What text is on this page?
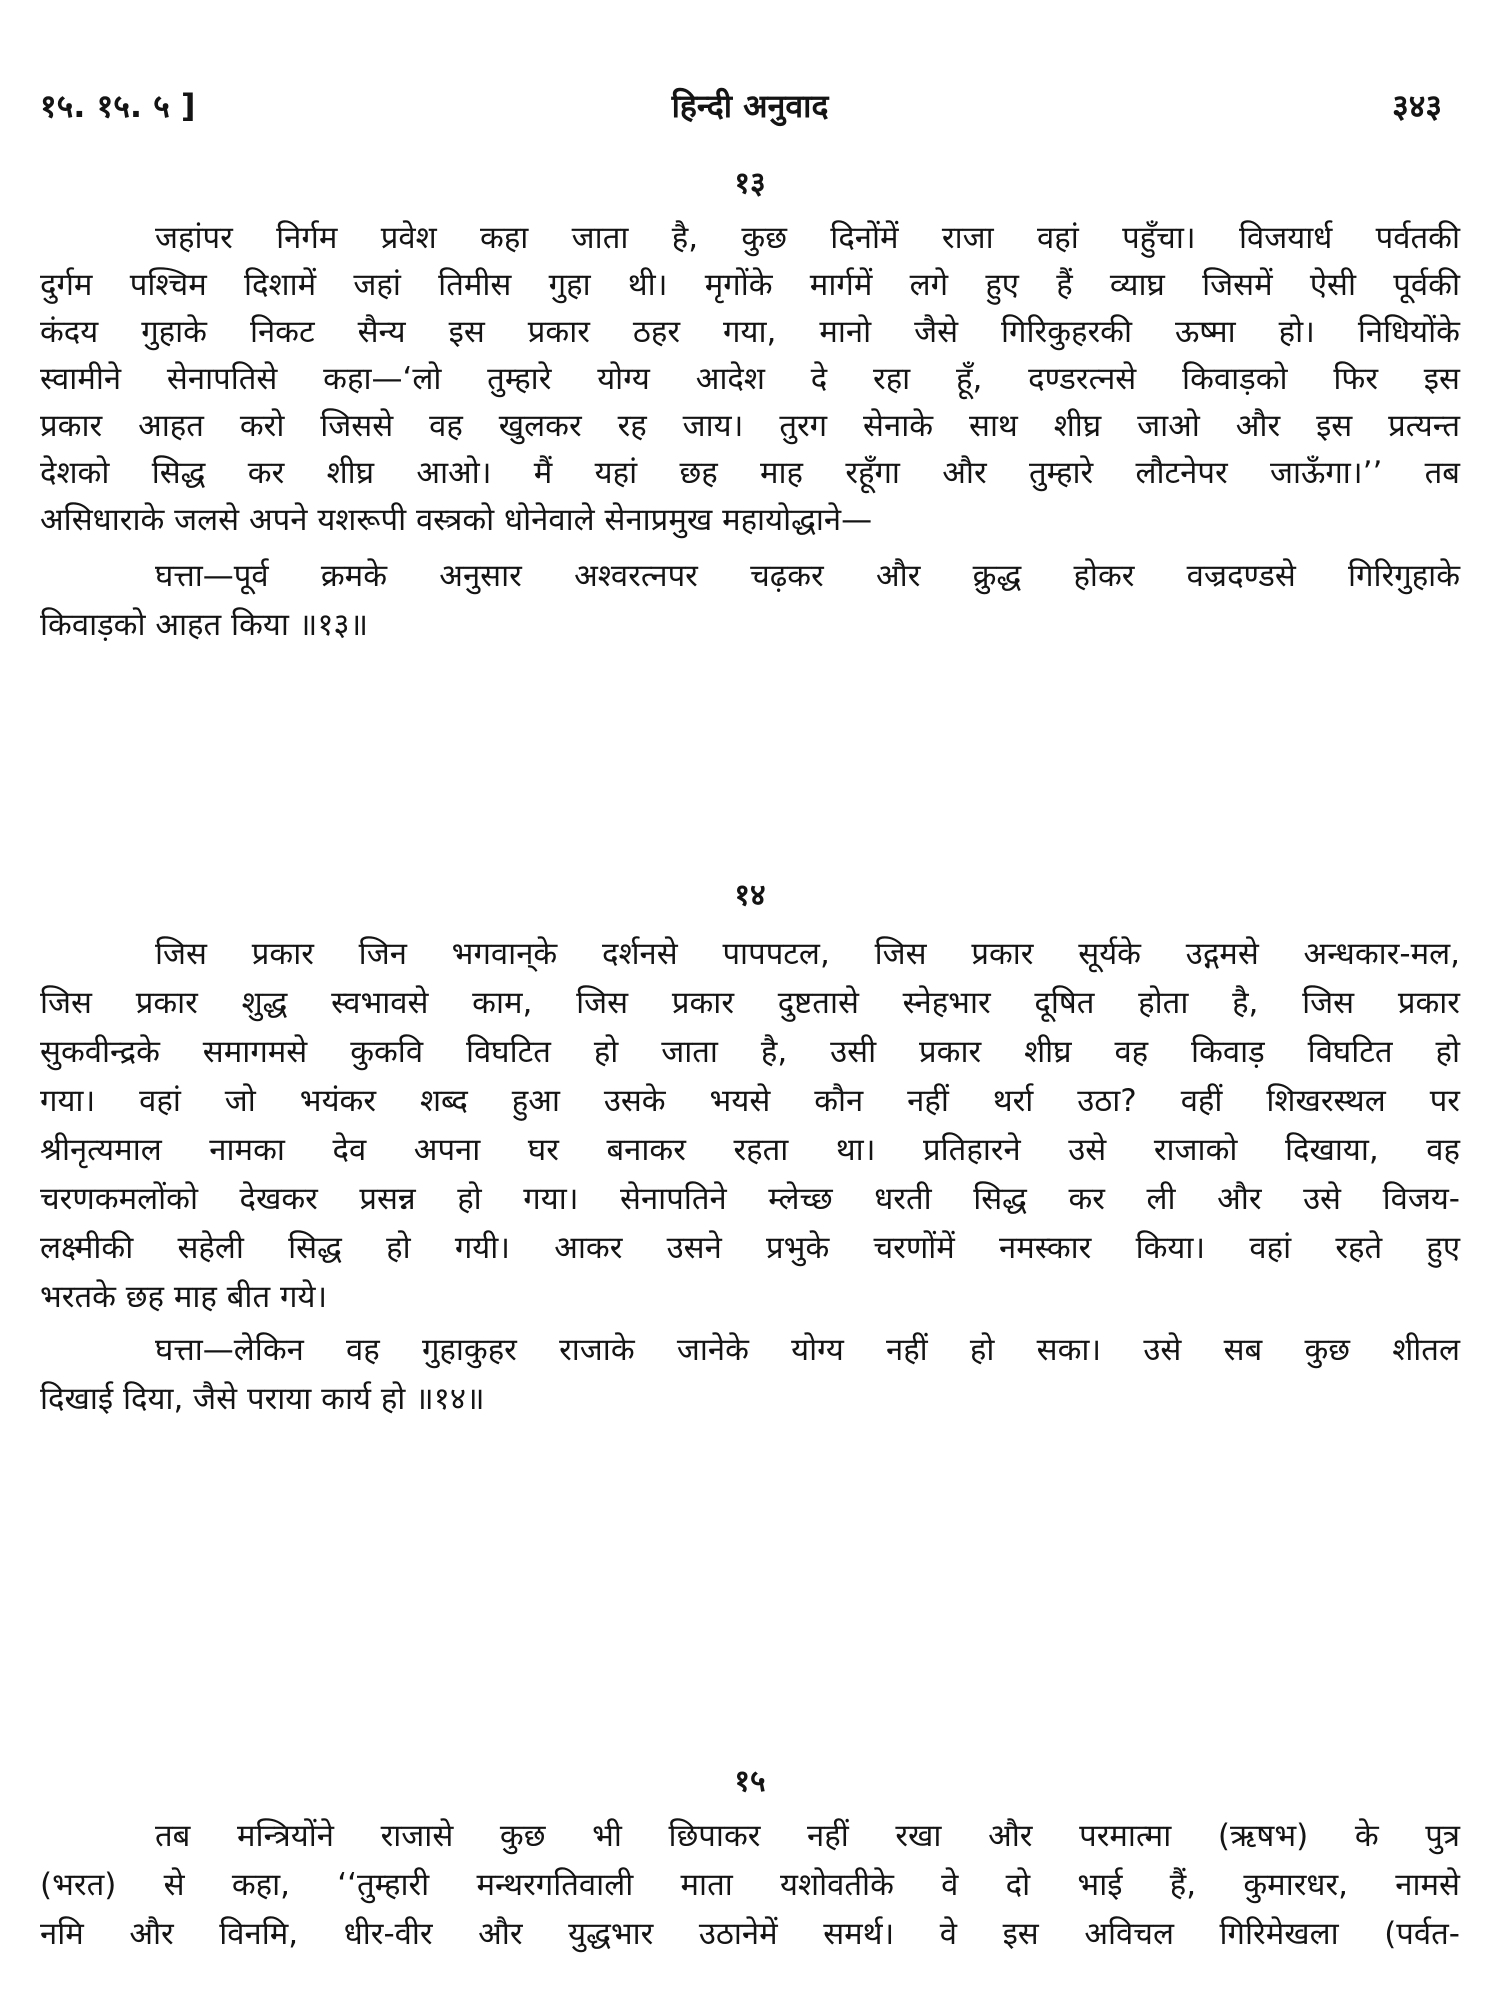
१५. १५. ५ ]	हिन्दी अनुवाद	३४३
१३
जहांपर निर्गम प्रवेश कहा जाता है, कुछ दिनोंमें राजा वहां पहुँचा। विजयार्ध पर्वतकी
दुर्गम पश्चिम दिशामें जहां तिमीस गुहा थी। मृगोंके मार्गमें लगे हुए हैं व्याघ्र जिसमें ऐसी पूर्वकी
कंदय गुहाके निकट सैन्य इस प्रकार ठहर गया, मानो जैसे गिरिकुहरकी ऊष्मा हो। निधियोंके
स्वामीने सेनापतिसे कहा—‘लो तुम्हारे योग्य आदेश दे रहा हूँ, दण्डरत्नसे किवाड़को फिर इस
प्रकार आहत करो जिससे वह खुलकर रह जाय। तुरग सेनाके साथ शीघ्र जाओ और इस प्रत्यन्त
देशको सिद्ध कर शीघ्र आओ। मैं यहां छह माह रहूँगा और तुम्हारे लौटनेपर जाऊँगा।’’ तब
असिधाराके जलसे अपने यशरूपी वस्त्रको धोनेवाले सेनाप्रमुख महायोद्धाने—
घत्ता—पूर्व क्रमके अनुसार अश्वरत्नपर चढ़कर और क्रुद्ध होकर वज्रदण्डसे गिरिगुहाके
किवाड़को आहत किया ॥१३॥
१४
जिस प्रकार जिन भगवान्‌के दर्शनसे पापपटल, जिस प्रकार सूर्यके उद्गमसे अन्धकार-मल,
जिस प्रकार शुद्ध स्वभावसे काम, जिस प्रकार दुष्टतासे स्नेहभार दूषित होता है, जिस प्रकार
सुकवीन्द्रके समागमसे कुकवि विघटित हो जाता है, उसी प्रकार शीघ्र वह किवाड़ विघटित हो
गया। वहां जो भयंकर शब्द हुआ उसके भयसे कौन नहीं थर्रा उठा? वहीं शिखरस्थल पर
श्रीनृत्यमाल नामका देव अपना घर बनाकर रहता था। प्रतिहारने उसे राजाको दिखाया, वह
चरणकमलोंको देखकर प्रसन्न हो गया। सेनापतिने म्लेच्छ धरती सिद्ध कर ली और उसे विजय-
लक्ष्मीकी सहेली सिद्ध हो गयी। आकर उसने प्रभुके चरणोंमें नमस्कार किया। वहां रहते हुए
भरतके छह माह बीत गये।
घत्ता—लेकिन वह गुहाकुहर राजाके जानेके योग्य नहीं हो सका। उसे सब कुछ शीतल
दिखाई दिया, जैसे पराया कार्य हो ॥१४॥
१५
तब मन्त्रियोंने राजासे कुछ भी छिपाकर नहीं रखा और परमात्मा (ऋषभ) के पुत्र
(भरत) से कहा, ‘‘तुम्हारी मन्थरगतिवाली माता यशोवतीके वे दो भाई हैं, कुमारधर, नामसे
नमि और विनमि, धीर-वीर और युद्धभार उठानेमें समर्थ। वे इस अविचल गिरिमेखला (पर्वत-
